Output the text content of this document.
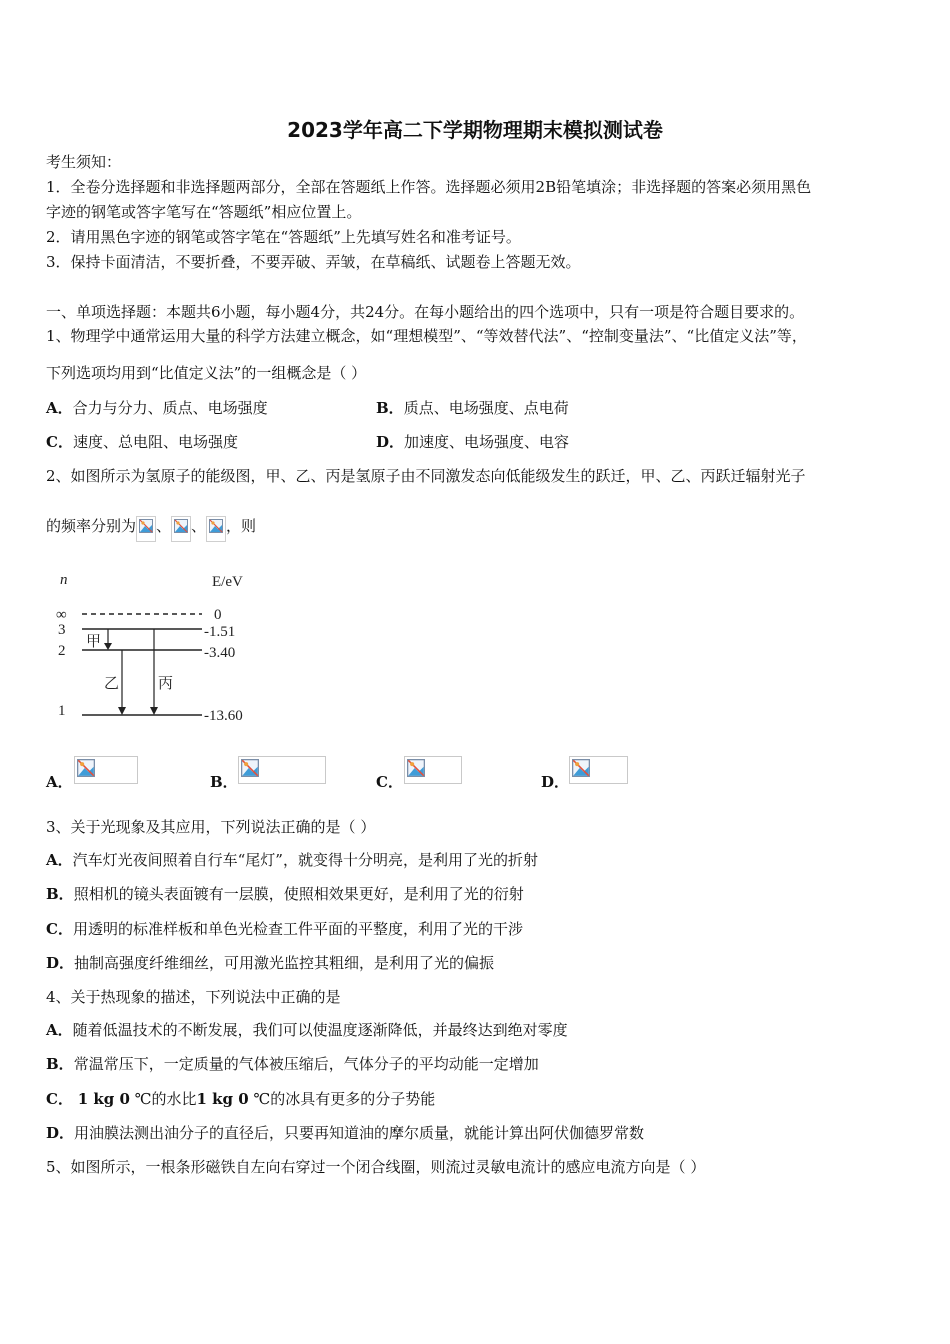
2023学年高二下学期物理期末模拟测试卷
考生须知：
1．全卷分选择题和非选择题两部分，全部在答题纸上作答。选择题必须用2B铅笔填涂；非选择题的答案必须用黑色
字迹的钢笔或答字笔写在“答题纸”相应位置上。
2．请用黑色字迹的钢笔或答字笔在“答题纸”上先填写姓名和准考证号。
3．保持卡面清洁，不要折叠，不要弄破、弄皱，在草稿纸、试题卷上答题无效。
一、单项选择题：本题共6小题，每小题4分，共24分。在每小题给出的四个选项中，只有一项是符合题目要求的。
1、物理学中通常运用大量的科学方法建立概念，如“理想模型”、“等效替代法”、“控制变量法”、“比值定义法”等，
下列选项均用到“比值定义法”的一组概念是（ ）
A．合力与分力、质点、电场强度	B．质点、电场强度、点电荷
C．速度、总电阻、电场强度	D．加速度、电场强度、电容
2、如图所示为氢原子的能级图，甲、乙、丙是氢原子由不同激发态向低能级发生的跃迁，甲、乙、丙跃迁辐射光子
的频率分别为 、 、 ，则
n	E/eV
∞	0
3	-1.51
2	-3.40
1	-13.60
甲
乙	丙
A．	B．	C．	D．
3、关于光现象及其应用，下列说法正确的是（ ）
A．汽车灯光夜间照着自行车“尾灯”，就变得十分明亮，是利用了光的折射
B．照相机的镜头表面镀有一层膜，使照相效果更好，是利用了光的衍射
C．用透明的标准样板和单色光检查工件平面的平整度，利用了光的干涉
D．抽制高强度纤维细丝，可用激光监控其粗细，是利用了光的偏振
4、关于热现象的描述，下列说法中正确的是
A．随着低温技术的不断发展，我们可以使温度逐渐降低，并最终达到绝对零度
B．常温常压下，一定质量的气体被压缩后，气体分子的平均动能一定增加
C． 1 kg 0 ℃的水比1 kg 0 ℃的冰具有更多的分子势能
D．用油膜法测出油分子的直径后，只要再知道油的摩尔质量，就能计算出阿伏伽德罗常数
5、如图所示，一根条形磁铁自左向右穿过一个闭合线圈，则流过灵敏电流计的感应电流方向是（ ）
